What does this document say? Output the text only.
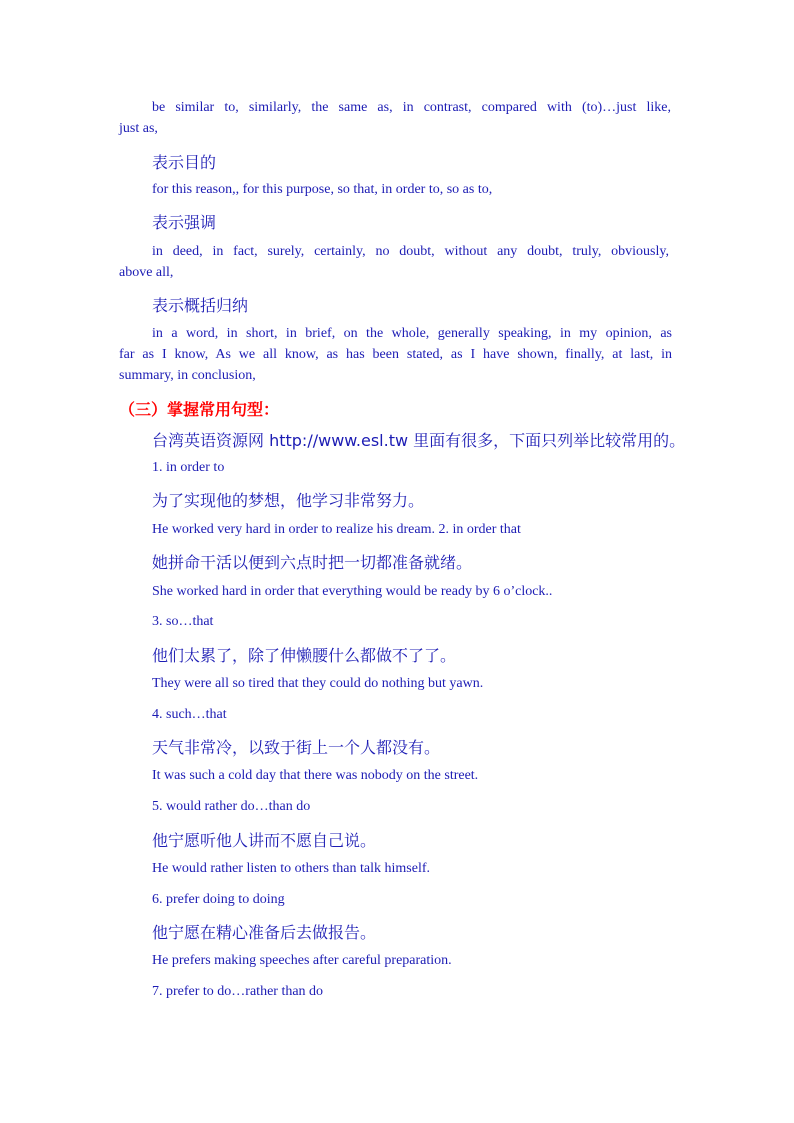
be similar to, similarly, the same as, in contrast, compared with (to)…just like,
just as,
表示目的
for this reason,, for this purpose, so that, in order to, so as to,
表示强调
in deed, in fact, surely, certainly, no doubt, without any doubt, truly, obviously,
above all,
表示概括归纳
in a word, in short, in brief, on the whole, generally speaking, in my opinion, as
far as I know, As we all know, as has been stated, as I have shown, finally, at last, in
summary, in conclusion,
（三）掌握常用句型：
台湾英语资源网 http://www.esl.tw 里面有很多，下面只列举比较常用的。
1. in order to
为了实现他的梦想，他学习非常努力。
He worked very hard in order to realize his dream. 2. in order that
她拼命干活以便到六点时把一切都准备就绪。
She worked hard in order that everything would be ready by 6 o’clock..
3. so…that
他们太累了，除了伸懒腰什么都做不了了。
They were all so tired that they could do nothing but yawn.
4. such…that
天气非常冷，以致于街上一个人都没有。
It was such a cold day that there was nobody on the street.
5. would rather do…than do
他宁愿听他人讲而不愿自己说。
He would rather listen to others than talk himself.
6. prefer doing to doing
他宁愿在精心准备后去做报告。
He prefers making speeches after careful preparation.
7. prefer to do…rather than do
